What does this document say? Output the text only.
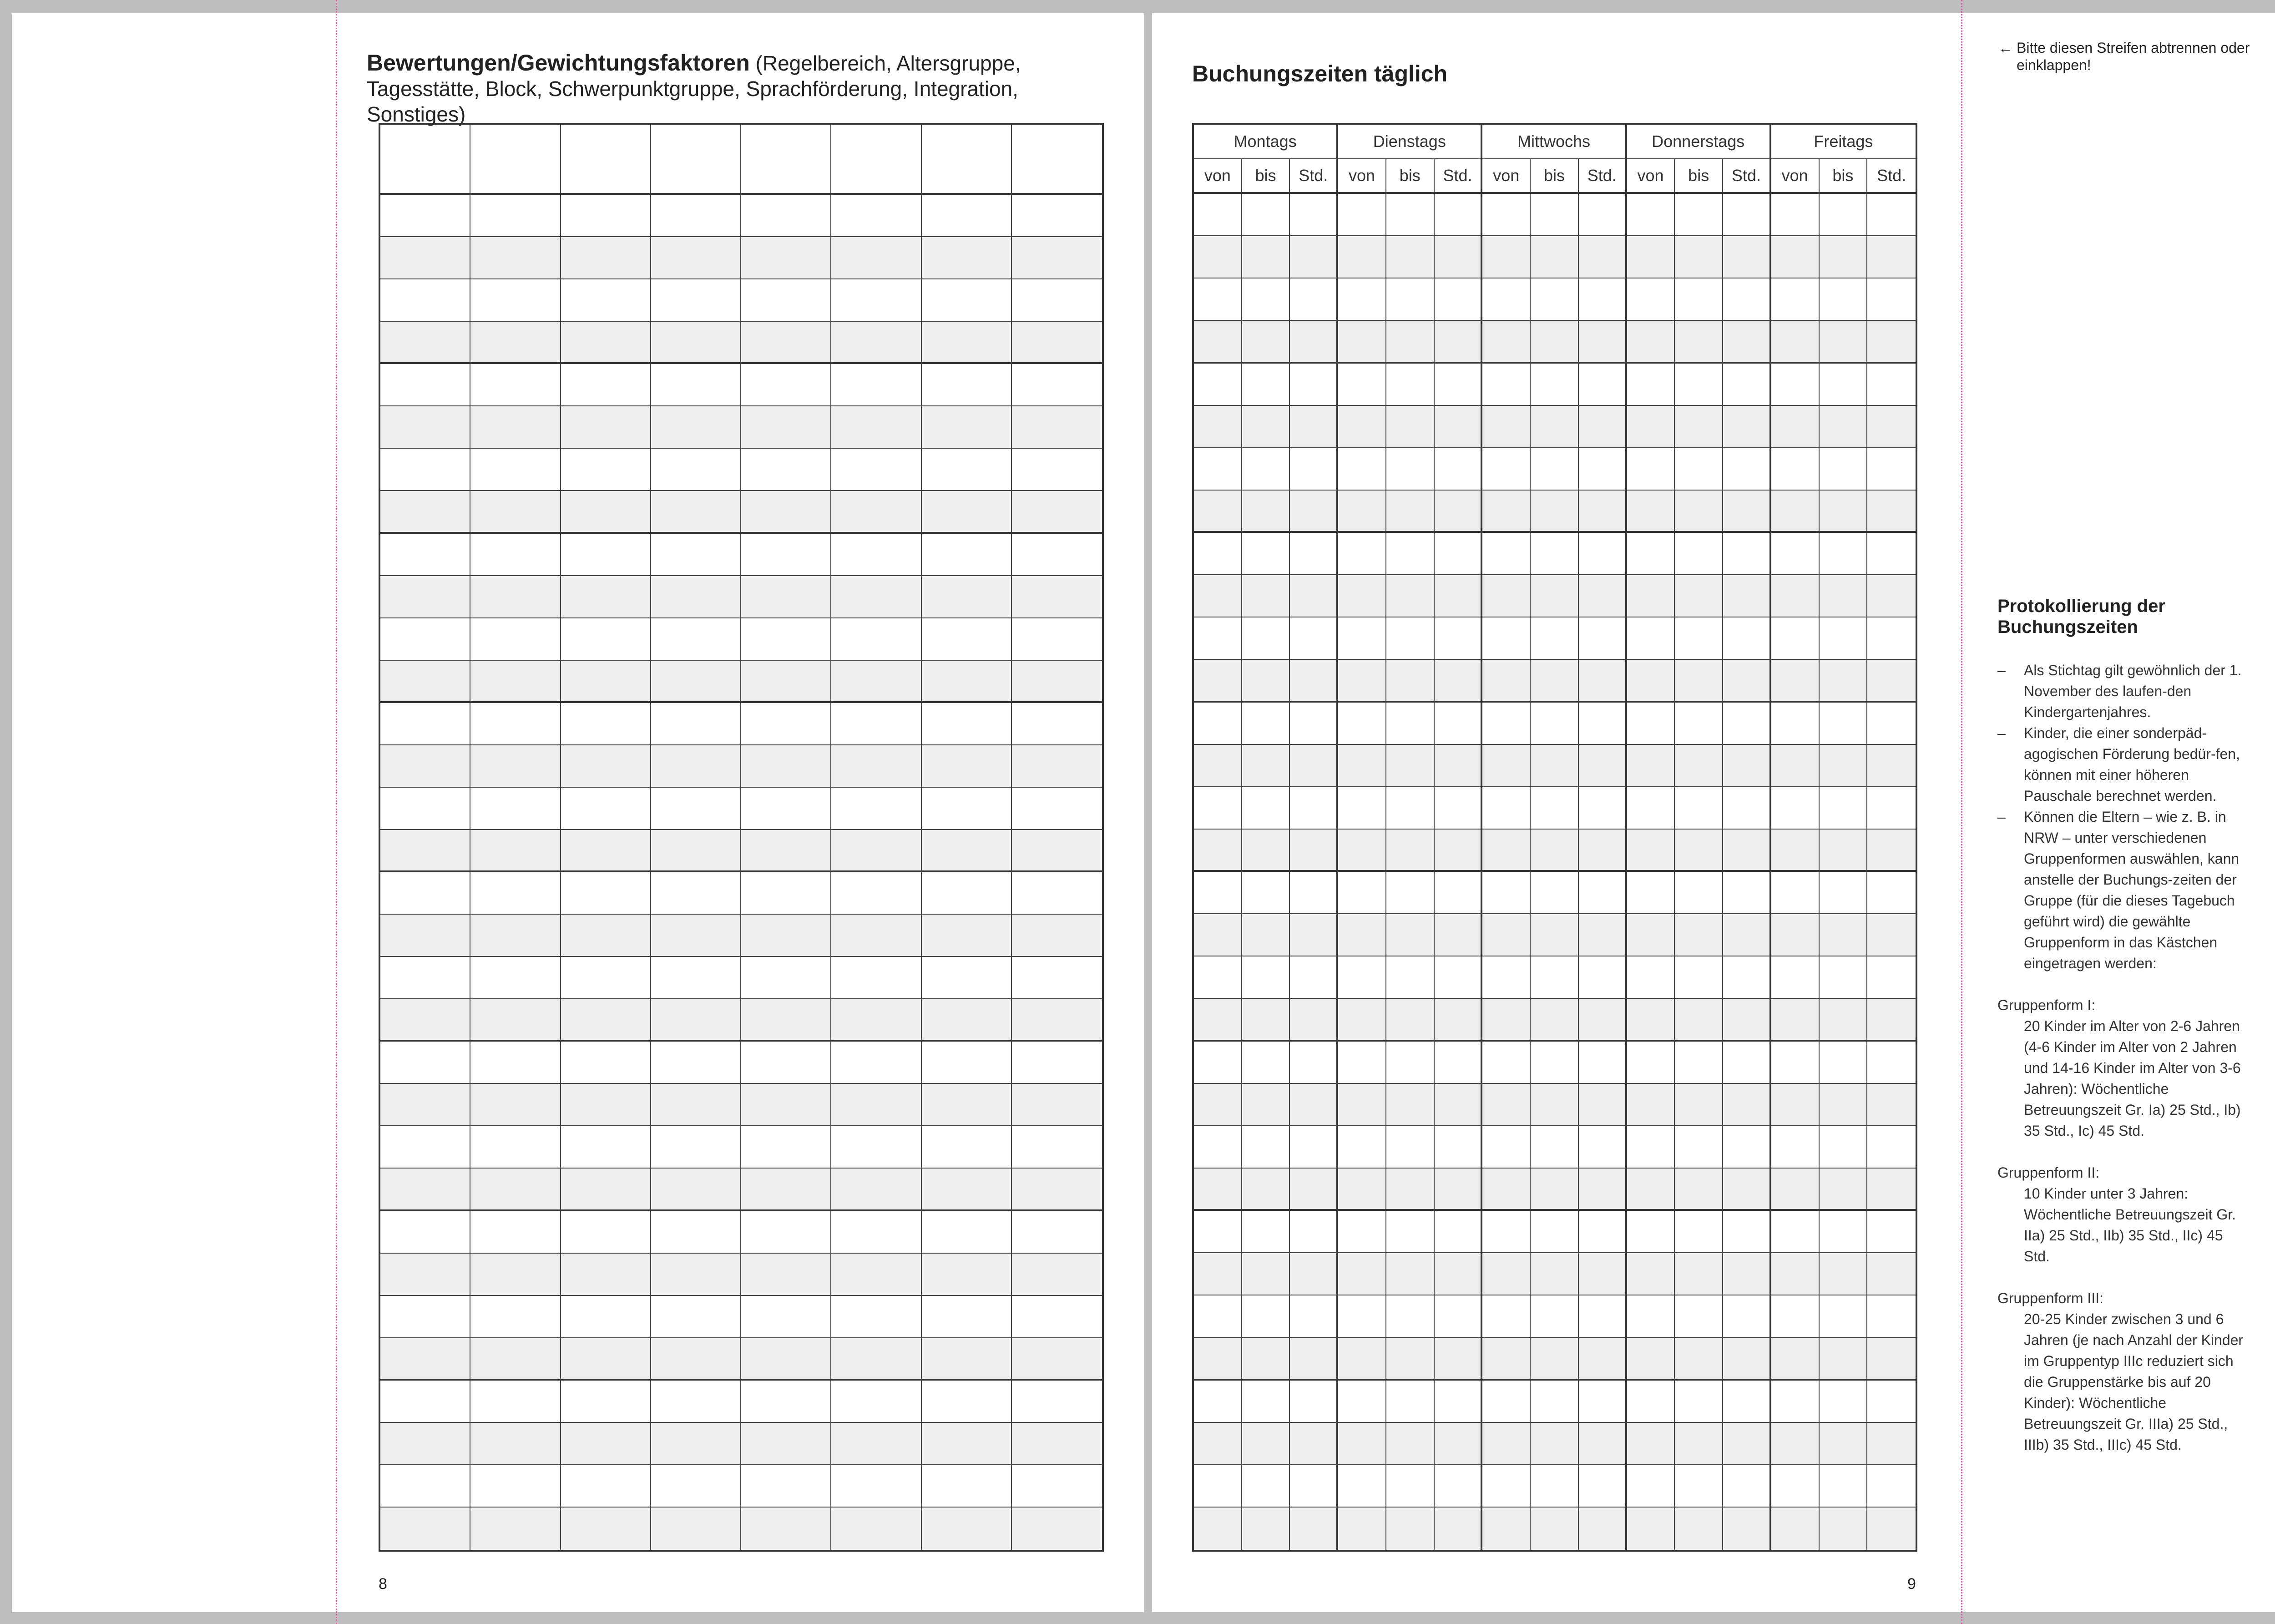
Bewertungen/Gewichtungsfaktoren (Regelbereich, Altersgruppe, Tagesstätte, Block, Schwerpunktgruppe, Sprachförderung, Integration, Sonstiges)
Buchungszeiten täglich
Montags	Dienstags	Mittwochs	Donnerstags	Freitags
von	bis	Std.	von	bis	Std.	von	bis	Std.	von	bis	Std.	von	bis	Std.
8	9
← Bitte diesen Streifen abtrennen oder einklappen!
Protokollierung der Buchungszeiten
–	Als Stichtag gilt gewöhnlich der 1. November des laufen-den Kindergartenjahres.
–	Kinder, die einer sonderpäd-agogischen Förderung bedür-fen, können mit einer höheren Pauschale berechnet werden.
–	Können die Eltern – wie z. B. in NRW – unter verschiedenen Gruppenformen auswählen, kann anstelle der Buchungs-zeiten der Gruppe (für die dieses Tagebuch geführt wird) die gewählte Gruppenform in das Kästchen eingetragen werden:
Gruppenform I:
20 Kinder im Alter von 2-6 Jahren (4-6 Kinder im Alter von 2 Jahren und 14-16 Kinder im Alter von 3-6 Jahren): Wöchentliche Betreuungszeit Gr. Ia) 25 Std., Ib) 35 Std., Ic) 45 Std.
Gruppenform II:
10 Kinder unter 3 Jahren: Wöchentliche Betreuungszeit Gr. IIa) 25 Std., IIb) 35 Std., IIc) 45 Std.
Gruppenform III:
20-25 Kinder zwischen 3 und 6 Jahren (je nach Anzahl der Kinder im Gruppentyp IIIc reduziert sich die Gruppenstärke bis auf 20 Kinder): Wöchentliche Betreuungszeit Gr. IIIa) 25 Std., IIIb) 35 Std., IIIc) 45 Std.
